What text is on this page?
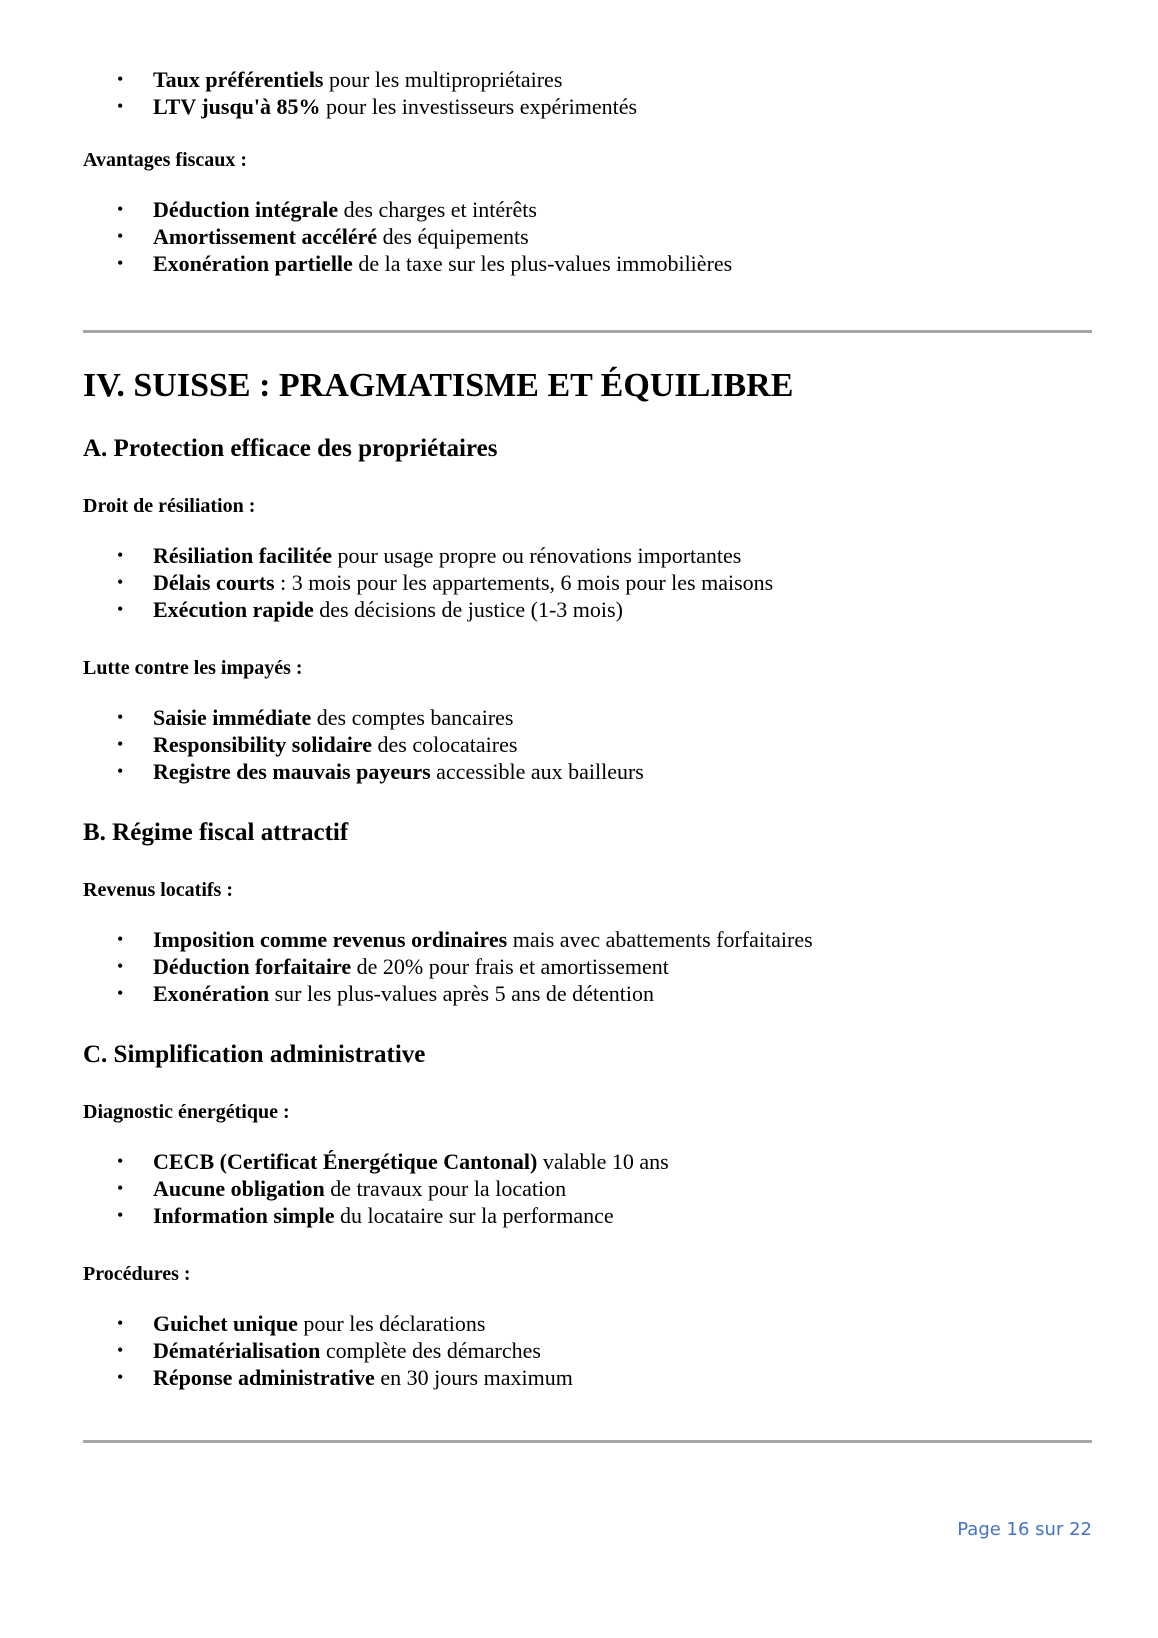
• Taux préférentiels pour les multipropriétaires
• LTV jusqu'à 85% pour les investisseurs expérimentés

Avantages fiscaux :

• Déduction intégrale des charges et intérêts
• Amortissement accéléré des équipements
• Exonération partielle de la taxe sur les plus-values immobilières
IV. SUISSE : PRAGMATISME ET ÉQUILIBRE
A. Protection efficace des propriétaires

Droit de résiliation :

• Résiliation facilitée pour usage propre ou rénovations importantes
• Délais courts : 3 mois pour les appartements, 6 mois pour les maisons
• Exécution rapide des décisions de justice (1-3 mois)

Lutte contre les impayés :

• Saisie immédiate des comptes bancaires
• Responsibility solidaire des colocataires
• Registre des mauvais payeurs accessible aux bailleurs
B. Régime fiscal attractif

Revenus locatifs :

• Imposition comme revenus ordinaires mais avec abattements forfaitaires
• Déduction forfaitaire de 20% pour frais et amortissement
• Exonération sur les plus-values après 5 ans de détention
C. Simplification administrative

Diagnostic énergétique :

• CECB (Certificat Énergétique Cantonal) valable 10 ans
• Aucune obligation de travaux pour la location
• Information simple du locataire sur la performance

Procédures :

• Guichet unique pour les déclarations
• Dématérialisation complète des démarches
• Réponse administrative en 30 jours maximum
Page 16 sur 22
